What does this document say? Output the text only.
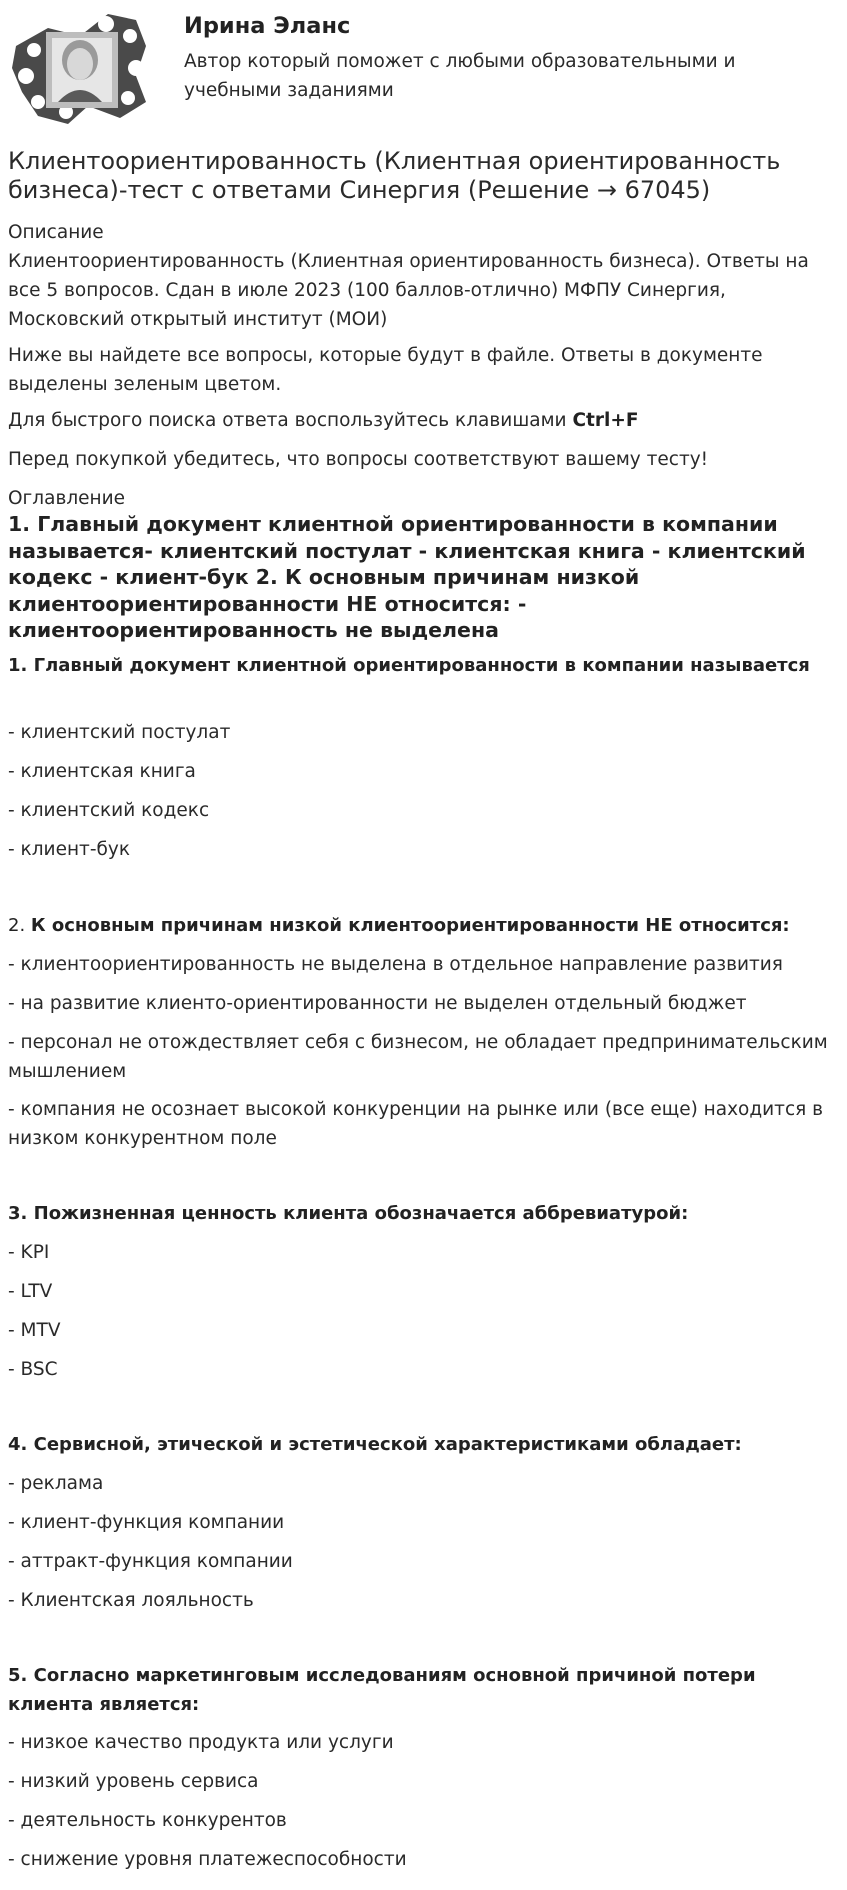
Ирина Эланс
Автор который поможет с любыми образовательными и учебными заданиями
Клиентоориентированность (Клиентная ориентированность бизнеса)-тест с ответами Синергия (Решение → 67045)
Описание
Клиентоориентированность (Клиентная ориентированность бизнеса). Ответы на все 5 вопросов. Сдан в июле 2023 (100 баллов-отлично) МФПУ Синергия, Московский открытый институт (МОИ)
Ниже вы найдете все вопросы, которые будут в файле. Ответы в документе выделены зеленым цветом.
Для быстрого поиска ответа воспользуйтесь клавишами Ctrl+F
Перед покупкой убедитесь, что вопросы соответствуют вашему тесту!
Оглавление
1. Главный документ клиентной ориентированности в компании называется- клиентский постулат - клиентская книга - клиентский кодекс - клиент-бук 2. К основным причинам низкой клиентоориентированности НЕ относится: - клиентоориентированность не выделена
1. Главный документ клиентной ориентированности в компании называется
- клиентский постулат
- клиентская книга
- клиентский кодекс
- клиент-бук
2. К основным причинам низкой клиентоориентированности НЕ относится:
- клиентоориентированность не выделена в отдельное направление развития
- на развитие клиенто-ориентированности не выделен отдельный бюджет
- персонал не отождествляет себя с бизнесом, не обладает предпринимательским мышлением
- компания не осознает высокой конкуренции на рынке или (все еще) находится в низком конкурентном поле
3. Пожизненная ценность клиента обозначается аббревиатурой:
- KPI
- LTV
- MTV
- BSC
4. Сервисной, этической и эстетической характеристиками обладает:
- реклама
- клиент-функция компании
- аттракт-функция компании
- Клиентская лояльность
5. Согласно маркетинговым исследованиям основной причиной потери клиента является:
- низкое качество продукта или услуги
- низкий уровень сервиса
- деятельность конкурентов
- снижение уровня платежеспособности
